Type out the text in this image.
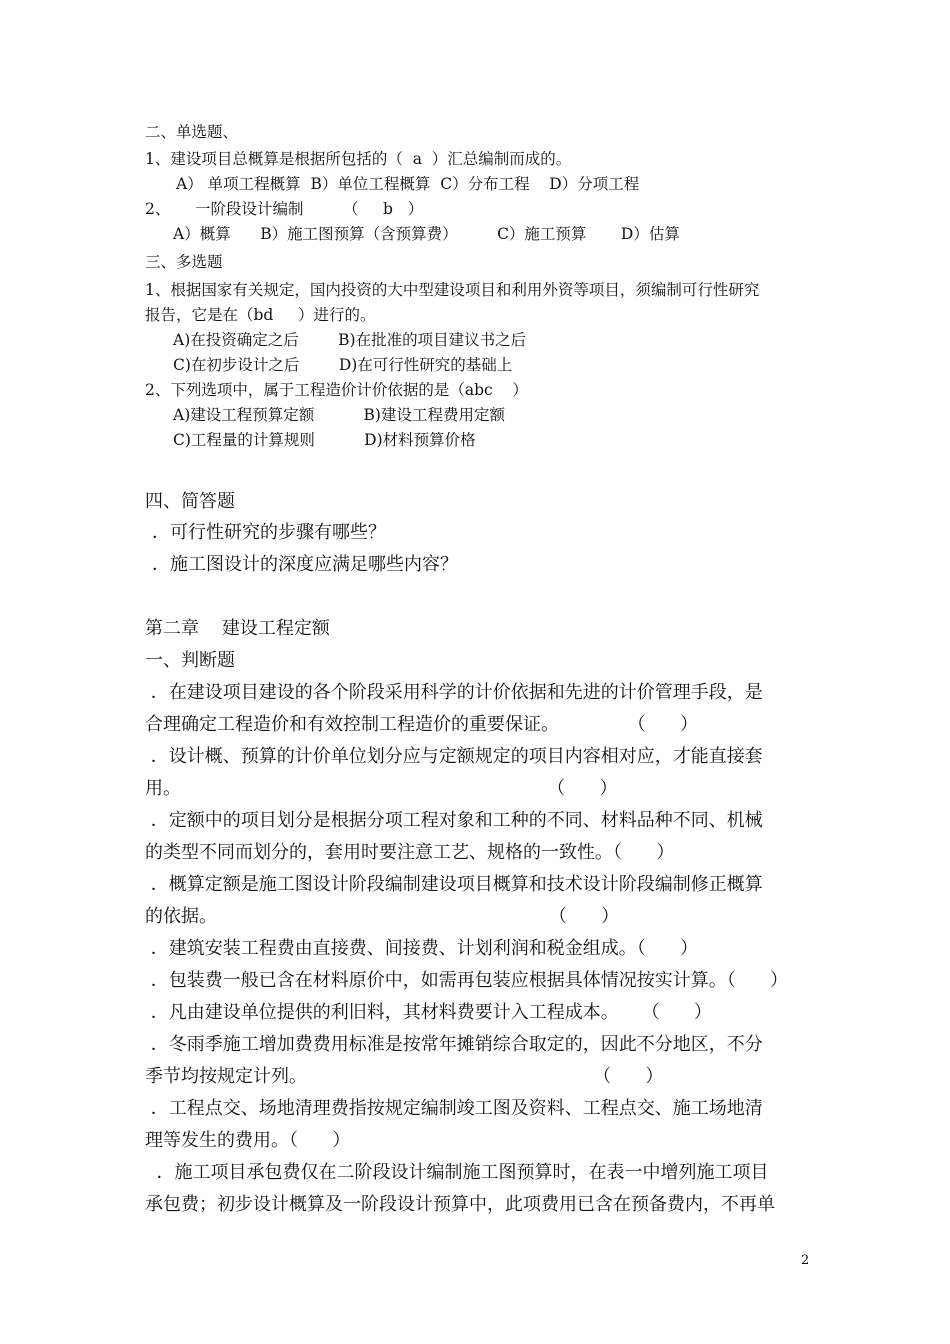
二、单选题、
1、建设项目总概算是根据所包括的（  a  ）汇总编制而成的。
A） 单项工程概算  B）单位工程概算  C）分布工程    D）分项工程
2、     一阶段设计编制        （     b   ）
A）概算      B）施工图预算（含预算费）        C）施工预算       D）估算
三、多选题
1、根据国家有关规定，国内投资的大中型建设项目和利用外资等项目，须编制可行性研究
报告，它是在（bd     ）进行的。
A)在投资确定之后        B)在批准的项目建议书之后
C)在初步设计之后        D)在可行性研究的基础上
2、下列选项中，属于工程造价计价依据的是（abc    ）
A)建设工程预算定额          B)建设工程费用定额
C)工程量的计算规则          D)材料预算价格
四、简答题
．可行性研究的步骤有哪些？
．施工图设计的深度应满足哪些内容？
第二章    建设工程定额
一、判断题
．在建设项目建设的各个阶段采用科学的计价依据和先进的计价管理手段，是
合理确定工程造价和有效控制工程造价的重要保证。            （      ）
．设计概、预算的计价单位划分应与定额规定的项目内容相对应，才能直接套
用。                                                                （      ）
．定额中的项目划分是根据分项工程对象和工种的不同、材料品种不同、机械
的类型不同而划分的，套用时要注意工艺、规格的一致性。（      ）
．概算定额是施工图设计阶段编制建设项目概算和技术设计阶段编制修正概算
的依据。                                                          （      ）
．建筑安装工程费由直接费、间接费、计划利润和税金组成。（      ）
．包装费一般已含在材料原价中，如需再包装应根据具体情况按实计算。（      ）
．凡由建设单位提供的利旧料，其材料费要计入工程成本。    （      ）
．冬雨季施工增加费费用标准是按常年摊销综合取定的，因此不分地区，不分
季节均按规定计列。                                                  （      ）
．工程点交、场地清理费指按规定编制竣工图及资料、工程点交、施工场地清
理等发生的费用。（      ）
．施工项目承包费仅在二阶段设计编制施工图预算时，在表一中增列施工项目
承包费；初步设计概算及一阶段设计预算中，此项费用已含在预备费内，不再单
2
